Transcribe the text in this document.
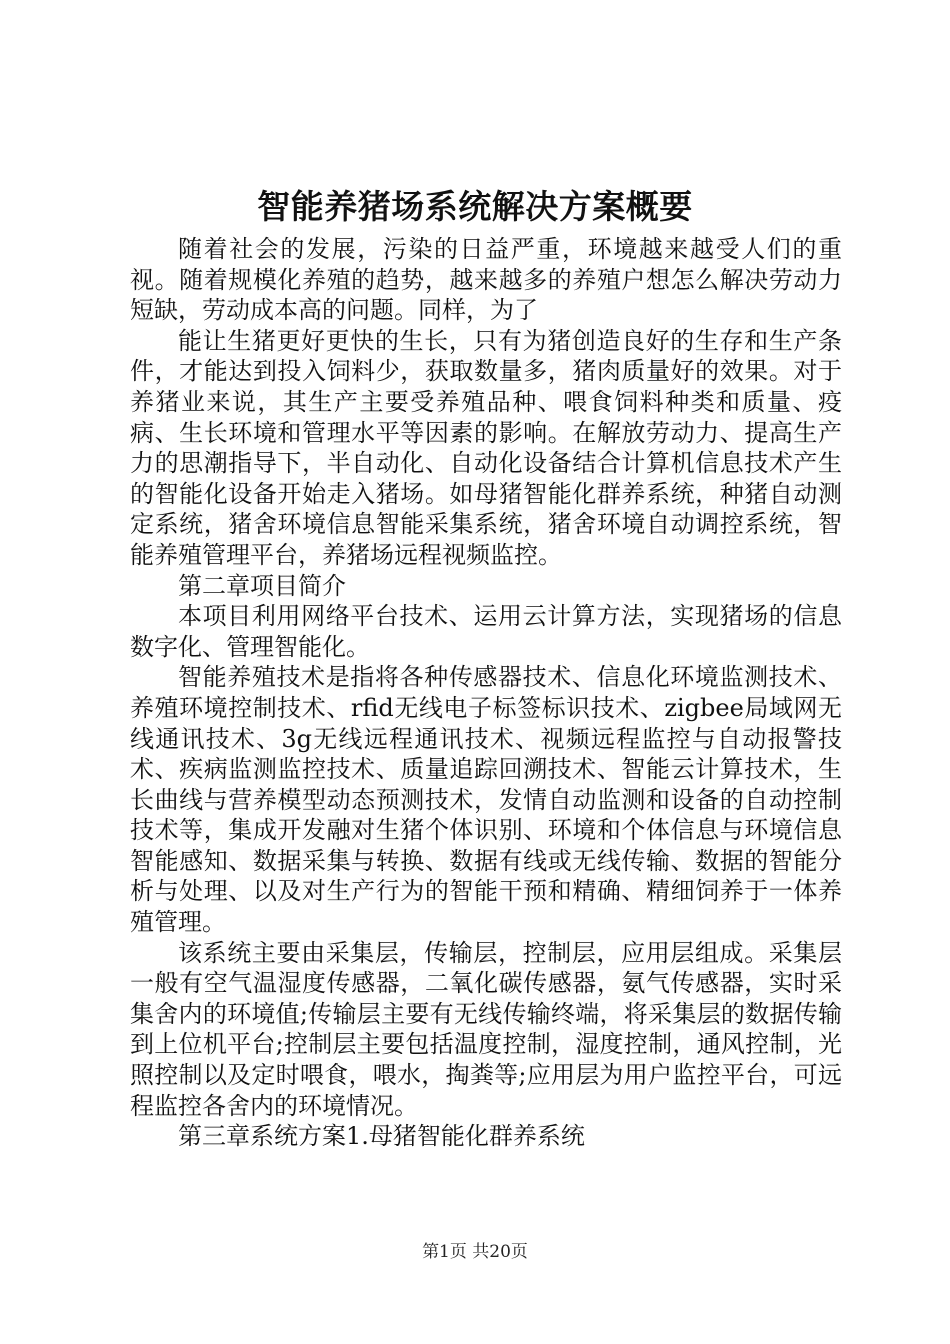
智能养猪场系统解决方案概要

随着社会的发展，污染的日益严重，环境越来越受人们的重视。随着规模化养殖的趋势，越来越多的养殖户想怎么解决劳动力短缺，劳动成本高的问题。同样，为了

能让生猪更好更快的生长，只有为猪创造良好的生存和生产条件，才能达到投入饲料少，获取数量多，猪肉质量好的效果。对于养猪业来说，其生产主要受养殖品种、喂食饲料种类和质量、疫病、生长环境和管理水平等因素的影响。在解放劳动力、提高生产力的思潮指导下，半自动化、自动化设备结合计算机信息技术产生的智能化设备开始走入猪场。如母猪智能化群养系统，种猪自动测定系统，猪舍环境信息智能采集系统，猪舍环境自动调控系统，智能养殖管理平台，养猪场远程视频监控。

第二章项目简介

本项目利用网络平台技术、运用云计算方法，实现猪场的信息数字化、管理智能化。

智能养殖技术是指将各种传感器技术、信息化环境监测技术、养殖环境控制技术、rfid无线电子标签标识技术、zigbee局域网无线通讯技术、3g无线远程通讯技术、视频远程监控与自动报警技术、疾病监测监控技术、质量追踪回溯技术、智能云计算技术，生长曲线与营养模型动态预测技术，发情自动监测和设备的自动控制技术等，集成开发融对生猪个体识别、环境和个体信息与环境信息智能感知、数据采集与转换、数据有线或无线传输、数据的智能分析与处理、以及对生产行为的智能干预和精确、精细饲养于一体养殖管理。

该系统主要由采集层，传输层，控制层，应用层组成。采集层一般有空气温湿度传感器，二氧化碳传感器，氨气传感器，实时采集舍内的环境值;传输层主要有无线传输终端，将采集层的数据传输到上位机平台;控制层主要包括温度控制，湿度控制，通风控制，光照控制以及定时喂食，喂水，掏粪等;应用层为用户监控平台，可远程监控各舍内的环境情况。

第三章系统方案1.母猪智能化群养系统

第1页 共20页
